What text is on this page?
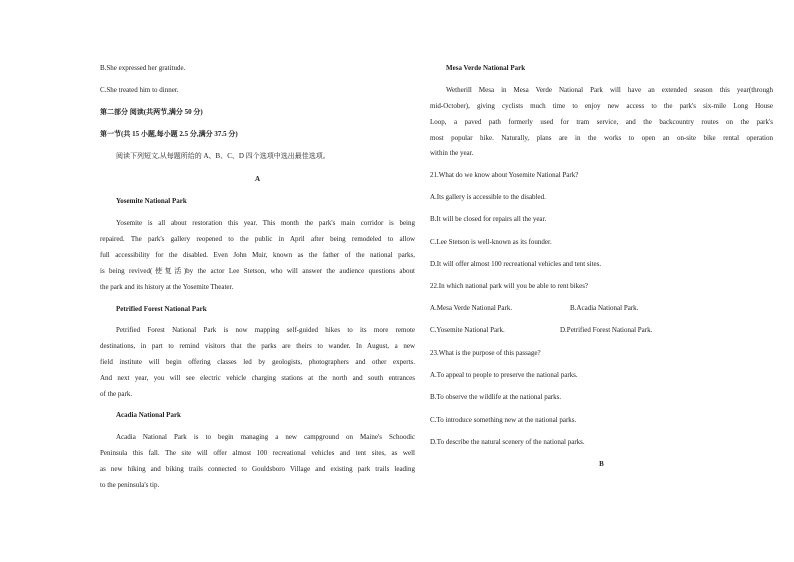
B.She expressed her gratitude.
C.She treated him to dinner.
第二部分 阅读(共两节,满分 50 分)
第一节(共 15 小题,每小题 2.5 分,满分 37.5 分)
阅读下列短文,从每题所给的 A、B、C、D 四个选项中选出最佳选项。
A
Yosemite National Park
Yosemite is all about restoration this year. This month the park's main corridor is being
repaired. The park's gallery reopened to the public in April after being remodeled to allow
full accessibility for the disabled. Even John Muir, known as the father of the national parks,
is being revived(使复活)by the actor Lee Stetson, who will answer the audience questions about
the park and its history at the Yosemite Theater.
Petrified Forest National Park
Petrified Forest National Park is now mapping self-guided hikes to its more remote
destinations, in part to remind visitors that the parks are theirs to wander. In August, a new
field institute will begin offering classes led by geologists, photographers and other experts.
And next year, you will see electric vehicle charging stations at the north and south entrances
of the park.
Acadia National Park
Acadia National Park is to begin managing a new campground on Maine's Schoodic
Peninsula this fall. The site will offer almost 100 recreational vehicles and tent sites, as well
as new hiking and biking trails connected to Gouldsboro Village and existing park trails leading
to the peninsula's tip.
Mesa Verde National Park
Wetherill Mesa in Mesa Verde National Park will have an extended season this year(through
mid-October), giving cyclists much time to enjoy new access to the park's six-mile Long House
Loop, a paved path formerly used for tram service, and the backcountry routes on the park's
most popular hike. Naturally, plans are in the works to open an on-site bike rental operation
within the year.
21.What do we know about Yosemite National Park?
A.Its gallery is accessible to the disabled.
B.It will be closed for repairs all the year.
C.Lee Stetson is well-known as its founder.
D.It will offer almost 100 recreational vehicles and tent sites.
22.In which national park will you be able to rent bikes?
A.Mesa Verde National Park.	B.Acadia National Park.
C.Yosemite National Park.	D.Petrified Forest National Park.
23.What is the purpose of this passage?
A.To appeal to people to preserve the national parks.
B.To observe the wildlife at the national parks.
C.To introduce something new at the national parks.
D.To describe the natural scenery of the national parks.
B
